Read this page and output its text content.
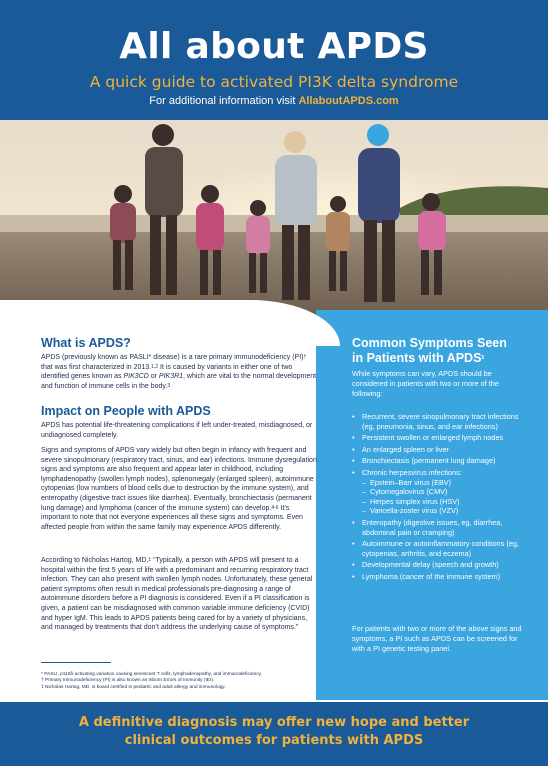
All about APDS
A quick guide to activated PI3K delta syndrome
For additional information visit AllaboutAPDS.com
What is APDS?
APDS (previously known as PASLI* disease) is a rare primary immunodeficiency (PI)† that was first characterized in 2013.$^{1,2}$ It is caused by variants in either one of two identified genes known as PIK3CD or PIK3R1, which are vital to the normal development and function of immune cells in the body.$^3$
Impact on People with APDS
APDS has potential life-threatening complications if left under-treated, misdiagnosed, or undiagnosed completely.
Signs and symptoms of APDS vary widely but often begin in infancy with frequent and severe sinopulmonary (respiratory tract, sinus, and ear) infections. Immune dysregulation signs and symptoms are also frequent and appear later in childhood, including lymphadenopathy (swollen lymph nodes), splenomegaly (enlarged spleen), autoimmune cytopenias (low numbers of blood cells due to destruction by the immune system), and enteropathy (digestive tract issues like diarrhea). Eventually, bronchiectasis (permanent lung damage) and lymphoma (cancer of the immune system) can develop.$^{4-6}$ It’s important to note that not everyone experiences all these signs and symptoms. Even affected people from within the same family may experience APDS differently.
According to Nicholas Hartog, MD,‡ “Typically, a person with APDS will present to a hospital within the first 5 years of life with a predominant and recurring respiratory tract infection. They can also present with swollen lymph nodes. Unfortunately, these general patient symptoms often result in medical professionals pre-diagnosing a range of autoimmune disorders before a PI diagnosis is considered. Even if a PI classification is given, a patient can be misdiagnosed with common variable immune deficiency (CVID) and hyper IgM. This leads to APDS patients being cared for by a variety of physicians, and managed by treatments that don’t address the underlying cause of symptoms.”
* PASLI, p110δ-activating variation causing senescent T cells, lymphadenopathy, and immunodeficiency.
† Primary Immunodeficiency (PI) is also known as Inborn Errors of Immunity (IEI).
‡ Nicholas Hartog, MD, is board certified in pediatric and adult allergy and immunology.
Common Symptoms Seen
in Patients with APDS$^5$
While symptoms can vary, APDS should be considered in patients with two or more of the following:
• Recurrent, severe sinopulmonary tract infections (eg, pneumonia, sinus, and ear infections)
• Persistent swollen or enlarged lymph nodes
• An enlarged spleen or liver
• Bronchiectasis (permanent lung damage)
• Chronic herpesvirus infections:
– Epstein–Barr virus (EBV)
– Cytomegalovirus (CMV)
– Herpes simplex virus (HSV)
– Varicella-zoster virus (VZV)
• Enteropathy (digestive issues, eg, diarrhea, abdominal pain or cramping)
• Autoimmune or autoinflammatory conditions (eg, cytopenias, arthritis, and eczema)
• Developmental delay (speech and growth)
• Lymphoma (cancer of the immune system)
For patients with two or more of the above signs and symptoms, a PI such as APDS can be screened for with a PI genetic testing panel.
A definitive diagnosis may offer new hope and better
clinical outcomes for patients with APDS
